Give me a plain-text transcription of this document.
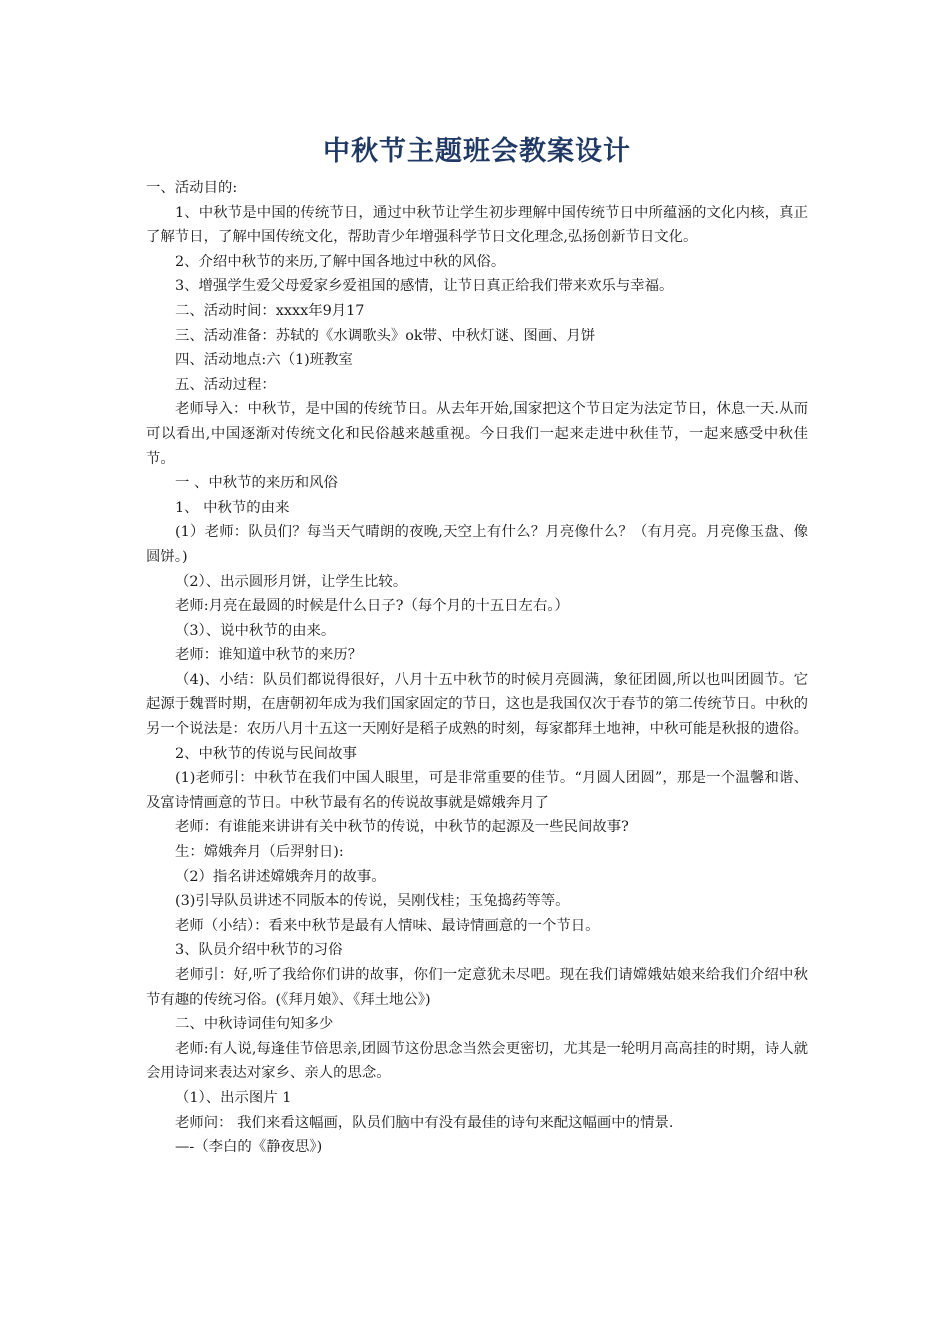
中秋节主题班会教案设计

一、活动目的:

1、中秋节是中国的传统节日，通过中秋节让学生初步理解中国传统节日中所蕴涵的文化内核，真正了解节日，了解中国传统文化，帮助青少年增强科学节日文化理念,弘扬创新节日文化。

2、介绍中秋节的来历,了解中国各地过中秋的风俗。

3、增强学生爱父母爱家乡爱祖国的感情，让节日真正给我们带来欢乐与幸福。

二、活动时间：xxxx年9月17

三、活动准备：苏轼的《水调歌头》ok带、中秋灯谜、图画、月饼

四、活动地点:六（1)班教室

五、活动过程：

老师导入：中秋节，是中国的传统节日。从去年开始,国家把这个节日定为法定节日，休息一天.从而可以看出,中国逐渐对传统文化和民俗越来越重视。今日我们一起来走进中秋佳节，一起来感受中秋佳节。

一 、中秋节的来历和风俗

1、 中秋节的由来

(1）老师：队员们？每当天气晴朗的夜晚,天空上有什么？月亮像什么？（有月亮。月亮像玉盘、像圆饼。)

（2）、出示圆形月饼，让学生比较。

老师:月亮在最圆的时候是什么日子?（每个月的十五日左右。）

（3）、说中秋节的由来。

老师：谁知道中秋节的来历？

（4)、小结：队员们都说得很好，八月十五中秋节的时候月亮圆满，象征团圆,所以也叫团圆节。它起源于魏晋时期，在唐朝初年成为我们国家固定的节日，这也是我国仅次于春节的第二传统节日。中秋的另一个说法是：农历八月十五这一天刚好是稻子成熟的时刻，每家都拜土地神，中秋可能是秋报的遗俗。

2、中秋节的传说与民间故事

(1)老师引：中秋节在我们中国人眼里，可是非常重要的佳节。“月圆人团圆”，那是一个温馨和谐、及富诗情画意的节日。中秋节最有名的传说故事就是嫦娥奔月了

老师：有谁能来讲讲有关中秋节的传说，中秋节的起源及一些民间故事?

生：嫦娥奔月（后羿射日):

（2）指名讲述嫦娥奔月的故事。

(3)引导队员讲述不同版本的传说，吴刚伐桂；玉兔捣药等等。

老师（小结）：看来中秋节是最有人情味、最诗情画意的一个节日。

3、队员介绍中秋节的习俗

老师引：好,听了我给你们讲的故事，你们一定意犹未尽吧。现在我们请嫦娥姑娘来给我们介绍中秋节有趣的传统习俗。(《拜月娘》、《拜土地公》)

二、中秋诗词佳句知多少

老师:有人说,每逢佳节倍思亲,团圆节这份思念当然会更密切，尤其是一轮明月高高挂的时期，诗人就会用诗词来表达对家乡、亲人的思念。

（1）、出示图片 1

老师问： 我们来看这幅画，队员们脑中有没有最佳的诗句来配这幅画中的情景.

—-（李白的《静夜思》)
